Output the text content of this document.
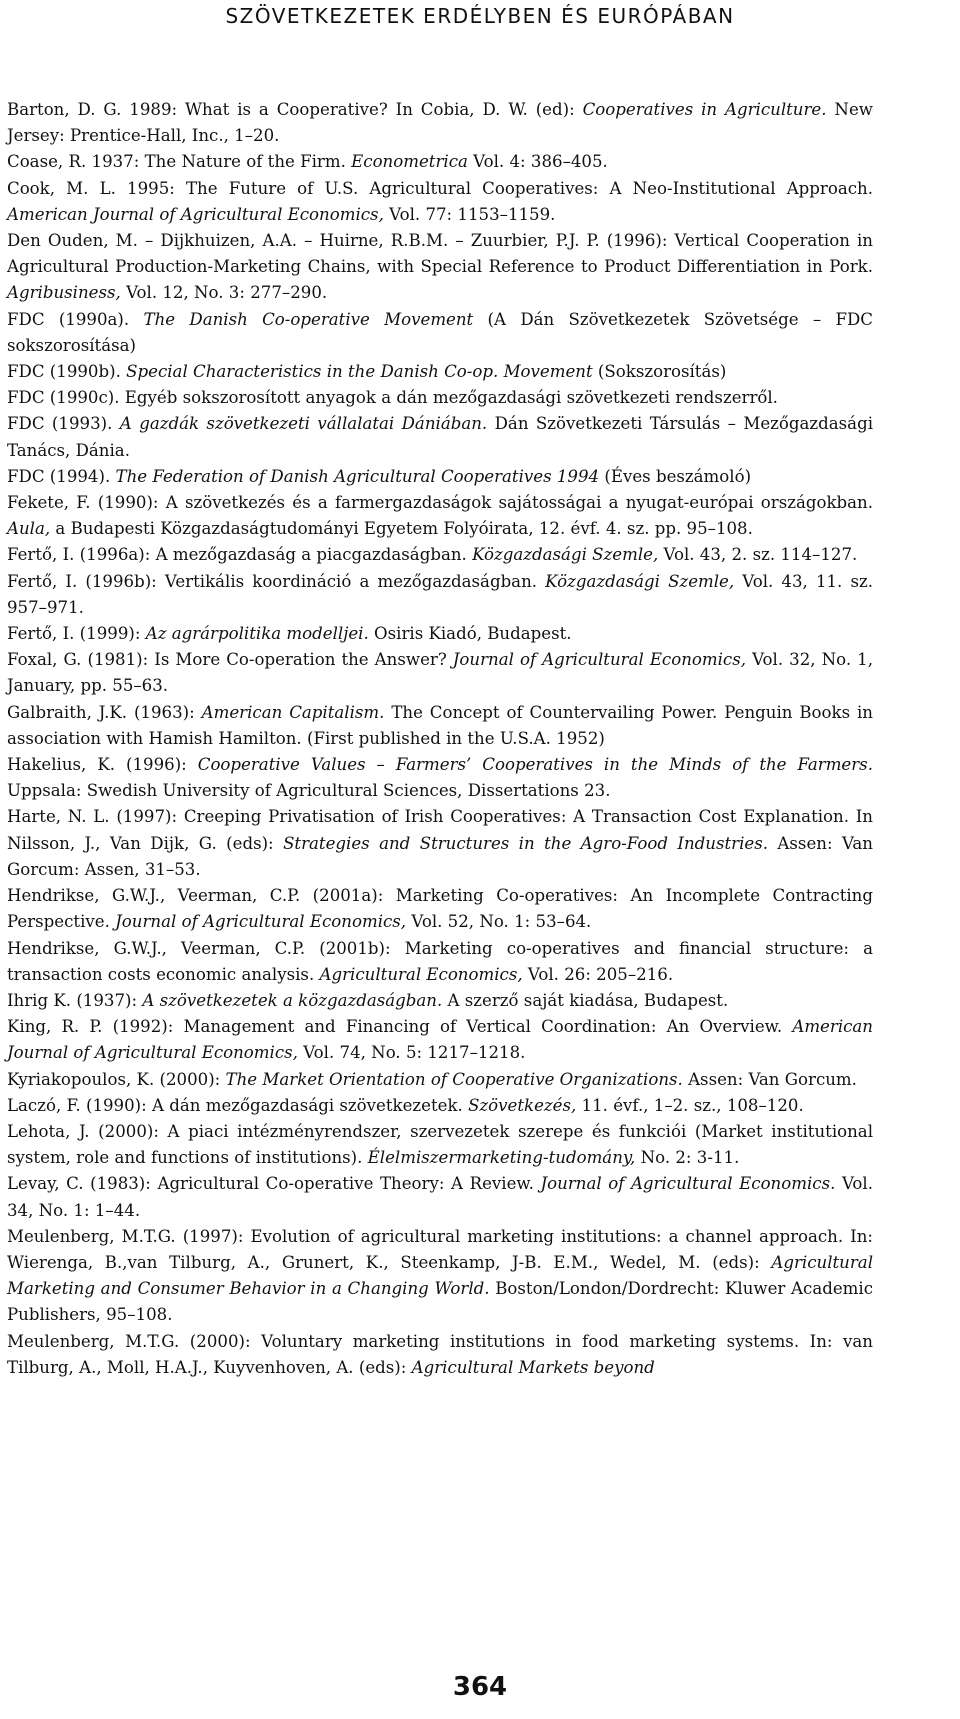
SZÖVETKEZETEK ERDÉLYBEN ÉS EURÓPÁBAN

Barton, D. G. 1989: What is a Cooperative? In Cobia, D. W. (ed): Cooperatives in Agriculture. New Jersey: Prentice-Hall, Inc., 1–20.

Coase, R. 1937: The Nature of the Firm. Econometrica Vol. 4: 386–405.

Cook, M. L. 1995: The Future of U.S. Agricultural Cooperatives: A Neo-Institutional Approach. American Journal of Agricultural Economics, Vol. 77: 1153–1159.

Den Ouden, M. – Dijkhuizen, A.A. – Huirne, R.B.M. – Zuurbier, P.J. P. (1996): Vertical Cooperation in Agricultural Production-Marketing Chains, with Special Reference to Product Differentiation in Pork. Agribusiness, Vol. 12, No. 3: 277–290.

FDC (1990a). The Danish Co-operative Movement (A Dán Szövetkezetek Szövetsége – FDC sokszorosítása)

FDC (1990b). Special Characteristics in the Danish Co-op. Movement (Sokszorosítás)

FDC (1990c). Egyéb sokszorosított anyagok a dán mezőgazdasági szövetkezeti rendszerről.

FDC (1993). A gazdák szövetkezeti vállalatai Dániában. Dán Szövetkezeti Társulás – Mezőgazdasági Tanács, Dánia.

FDC (1994). The Federation of Danish Agricultural Cooperatives 1994 (Éves beszámoló)

Fekete, F. (1990): A szövetkezés és a farmergazdaságok sajátosságai a nyugat-európai országokban. Aula, a Budapesti Közgazdaságtudományi Egyetem Folyóirata, 12. évf. 4. sz. pp. 95–108.

Fertő, I. (1996a): A mezőgazdaság a piacgazdaságban. Közgazdasági Szemle, Vol. 43, 2. sz. 114–127.

Fertő, I. (1996b): Vertikális koordináció a mezőgazdaságban. Közgazdasági Szemle, Vol. 43, 11. sz. 957–971.

Fertő, I. (1999): Az agrárpolitika modelljei. Osiris Kiadó, Budapest.

Foxal, G. (1981): Is More Co-operation the Answer? Journal of Agricultural Economics, Vol. 32, No. 1, January, pp. 55–63.

Galbraith, J.K. (1963): American Capitalism. The Concept of Countervailing Power. Penguin Books in association with Hamish Hamilton. (First published in the U.S.A. 1952)

Hakelius, K. (1996): Cooperative Values – Farmers’ Cooperatives in the Minds of the Farmers. Uppsala: Swedish University of Agricultural Sciences, Dissertations 23.

Harte, N. L. (1997): Creeping Privatisation of Irish Cooperatives: A Transaction Cost Explanation. In Nilsson, J., Van Dijk, G. (eds): Strategies and Structures in the Agro-Food Industries. Assen: Van Gorcum: Assen, 31–53.

Hendrikse, G.W.J., Veerman, C.P. (2001a): Marketing Co-operatives: An Incomplete Contracting Perspective. Journal of Agricultural Economics, Vol. 52, No. 1: 53–64.

Hendrikse, G.W.J., Veerman, C.P. (2001b): Marketing co-operatives and financial structure: a transaction costs economic analysis. Agricultural Economics, Vol. 26: 205–216.

Ihrig K. (1937): A szövetkezetek a közgazdaságban. A szerző saját kiadása, Budapest.

King, R. P. (1992): Management and Financing of Vertical Coordination: An Overview. American Journal of Agricultural Economics, Vol. 74, No. 5: 1217–1218.

Kyriakopoulos, K. (2000): The Market Orientation of Cooperative Organizations. Assen: Van Gorcum.

Laczó, F. (1990): A dán mezőgazdasági szövetkezetek. Szövetkezés, 11. évf., 1–2. sz., 108–120.

Lehota, J. (2000): A piaci intézményrendszer, szervezetek szerepe és funkciói (Market institutional system, role and functions of institutions). Élelmiszermarketing-tudomány, No. 2: 3-11.

Levay, C. (1983): Agricultural Co-operative Theory: A Review. Journal of Agricultural Economics. Vol. 34, No. 1: 1–44.

Meulenberg, M.T.G. (1997): Evolution of agricultural marketing institutions: a channel approach. In: Wierenga, B.,van Tilburg, A., Grunert, K., Steenkamp, J-B. E.M., Wedel, M. (eds): Agricultural Marketing and Consumer Behavior in a Changing World. Boston/London/Dordrecht: Kluwer Academic Publishers, 95–108.

Meulenberg, M.T.G. (2000): Voluntary marketing institutions in food marketing systems. In: van Tilburg, A., Moll, H.A.J., Kuyvenhoven, A. (eds): Agricultural Markets beyond

364
